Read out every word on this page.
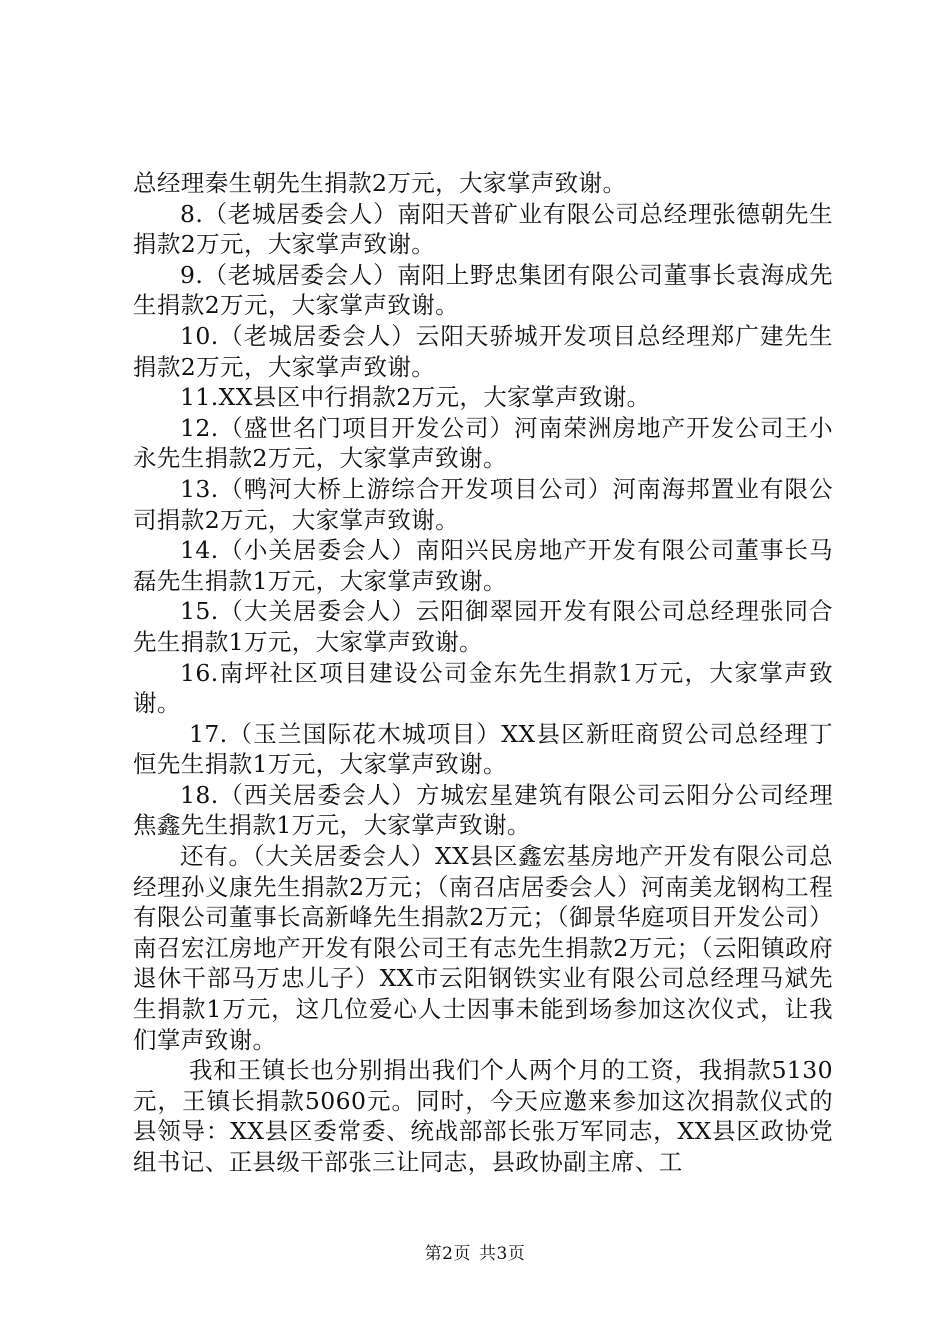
总经理秦生朝先生捐款2万元，大家掌声致谢。

8.（老城居委会人）南阳天普矿业有限公司总经理张德朝先生捐款2万元，大家掌声致谢。

9.（老城居委会人）南阳上野忠集团有限公司董事长袁海成先生捐款2万元，大家掌声致谢。

10.（老城居委会人）云阳天骄城开发项目总经理郑广建先生捐款2万元，大家掌声致谢。

11.XX县区中行捐款2万元，大家掌声致谢。

12.（盛世名门项目开发公司）河南荣洲房地产开发公司王小永先生捐款2万元，大家掌声致谢。

13.（鸭河大桥上游综合开发项目公司）河南海邦置业有限公司捐款2万元，大家掌声致谢。

14.（小关居委会人）南阳兴民房地产开发有限公司董事长马磊先生捐款1万元，大家掌声致谢。

15.（大关居委会人）云阳御翠园开发有限公司总经理张同合先生捐款1万元，大家掌声致谢。

16.南坪社区项目建设公司金东先生捐款1万元，大家掌声致谢。

17.（玉兰国际花木城项目）XX县区新旺商贸公司总经理丁恒先生捐款1万元，大家掌声致谢。

18.（西关居委会人）方城宏星建筑有限公司云阳分公司经理焦鑫先生捐款1万元，大家掌声致谢。

还有。（大关居委会人）XX县区鑫宏基房地产开发有限公司总经理孙义康先生捐款2万元；（南召店居委会人）河南美龙钢构工程有限公司董事长高新峰先生捐款2万元；（御景华庭项目开发公司）南召宏江房地产开发有限公司王有志先生捐款2万元；（云阳镇政府退休干部马万忠儿子）XX市云阳钢铁实业有限公司总经理马斌先生捐款1万元，这几位爱心人士因事未能到场参加这次仪式，让我们掌声致谢。

我和王镇长也分别捐出我们个人两个月的工资，我捐款5130元，王镇长捐款5060元。同时，今天应邀来参加这次捐款仪式的县领导：XX县区委常委、统战部部长张万军同志，XX县区政协党组书记、正县级干部张三让同志，县政协副主席、工

第2页 共3页
